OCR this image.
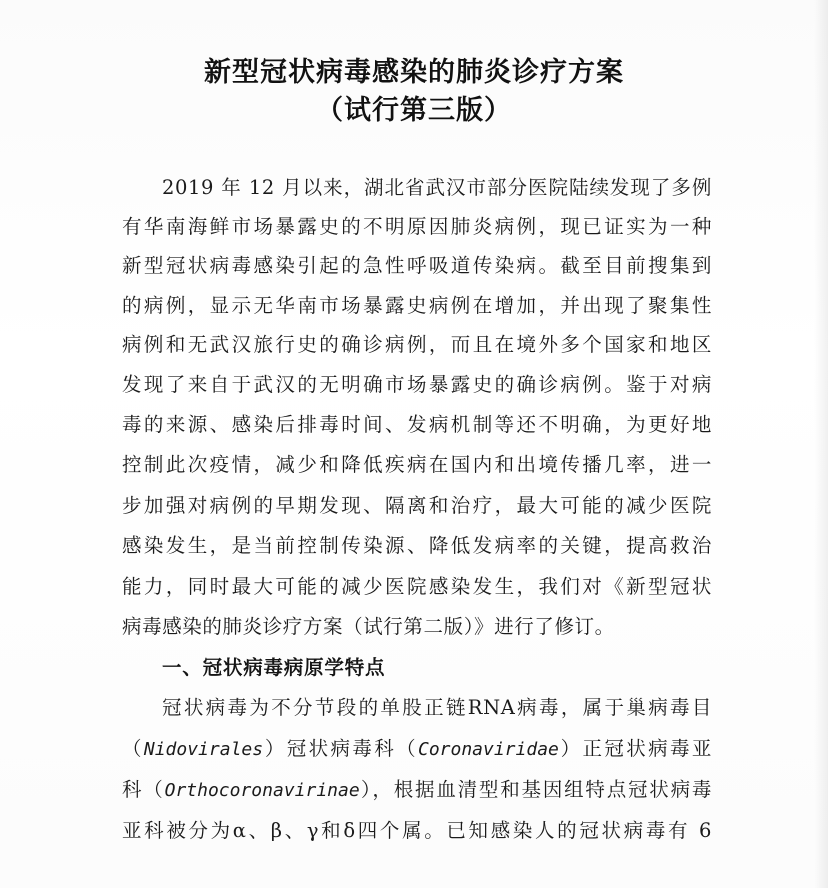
新型冠状病毒感染的肺炎诊疗方案
（试行第三版）
2019 年 12 月以来，湖北省武汉市部分医院陆续发现了多例
有华南海鲜市场暴露史的不明原因肺炎病例，现已证实为一种
新型冠状病毒感染引起的急性呼吸道传染病。截至目前搜集到
的病例，显示无华南市场暴露史病例在增加，并出现了聚集性
病例和无武汉旅行史的确诊病例，而且在境外多个国家和地区
发现了来自于武汉的无明确市场暴露史的确诊病例。鉴于对病
毒的来源、感染后排毒时间、发病机制等还不明确，为更好地
控制此次疫情，减少和降低疾病在国内和出境传播几率，进一
步加强对病例的早期发现、隔离和治疗，最大可能的减少医院
感染发生，是当前控制传染源、降低发病率的关键，提高救治
能力，同时最大可能的减少医院感染发生，我们对《新型冠状
病毒感染的肺炎诊疗方案（试行第二版）》进行了修订。
一、冠状病毒病原学特点
冠状病毒为不分节段的单股正链RNA病毒，属于巢病毒目
（Nidovirales）冠状病毒科（Coronaviridae）正冠状病毒亚
科（Orthocoronavirinae），根据血清型和基因组特点冠状病毒
亚科被分为α、β、γ和δ四个属。已知感染人的冠状病毒有 6
